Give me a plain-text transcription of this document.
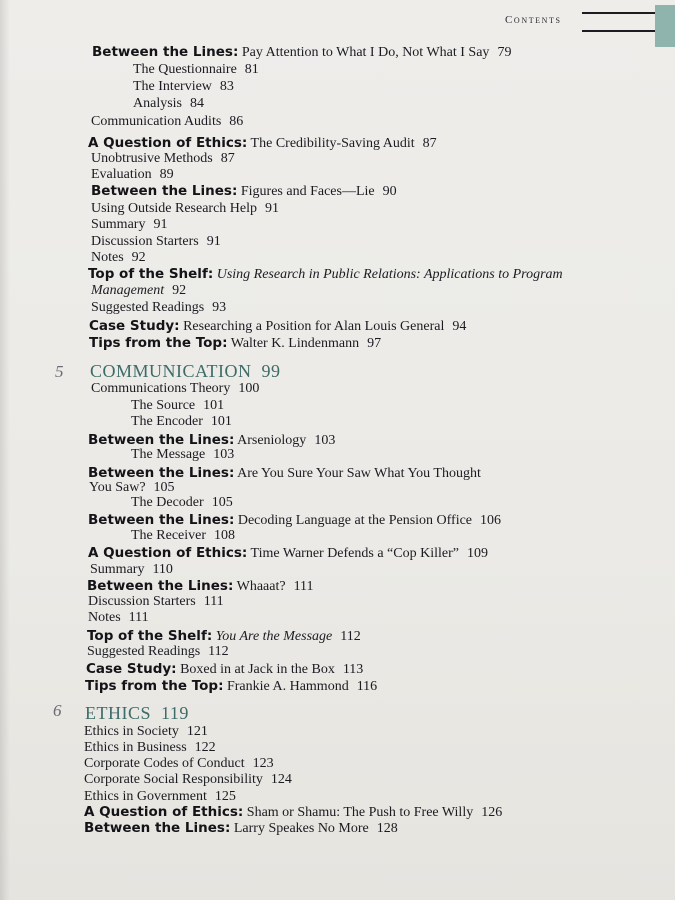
Contents
Between the Lines: Pay Attention to What I Do, Not What I Say 79
The Questionnaire 81
The Interview 83
Analysis 84
Communication Audits 86
A Question of Ethics: The Credibility-Saving Audit 87
Unobtrusive Methods 87
Evaluation 89
Between the Lines: Figures and Faces—Lie 90
Using Outside Research Help 91
Summary 91
Discussion Starters 91
Notes 92
Top of the Shelf: Using Research in Public Relations: Applications to Program
Management 92
Suggested Readings 93
Case Study: Researching a Position for Alan Louis General 94
Tips from the Top: Walter K. Lindenmann 97
5 COMMUNICATION 99
Communications Theory 100
The Source 101
The Encoder 101
Between the Lines: Arseniology 103
The Message 103
Between the Lines: Are You Sure Your Saw What You Thought
You Saw? 105
The Decoder 105
Between the Lines: Decoding Language at the Pension Office 106
The Receiver 108
A Question of Ethics: Time Warner Defends a “Cop Killer” 109
Summary 110
Between the Lines: Whaaat? 111
Discussion Starters 111
Notes 111
Top of the Shelf: You Are the Message 112
Suggested Readings 112
Case Study: Boxed in at Jack in the Box 113
Tips from the Top: Frankie A. Hammond 116
6 ETHICS 119
Ethics in Society 121
Ethics in Business 122
Corporate Codes of Conduct 123
Corporate Social Responsibility 124
Ethics in Government 125
A Question of Ethics: Sham or Shamu: The Push to Free Willy 126
Between the Lines: Larry Speakes No More 128
